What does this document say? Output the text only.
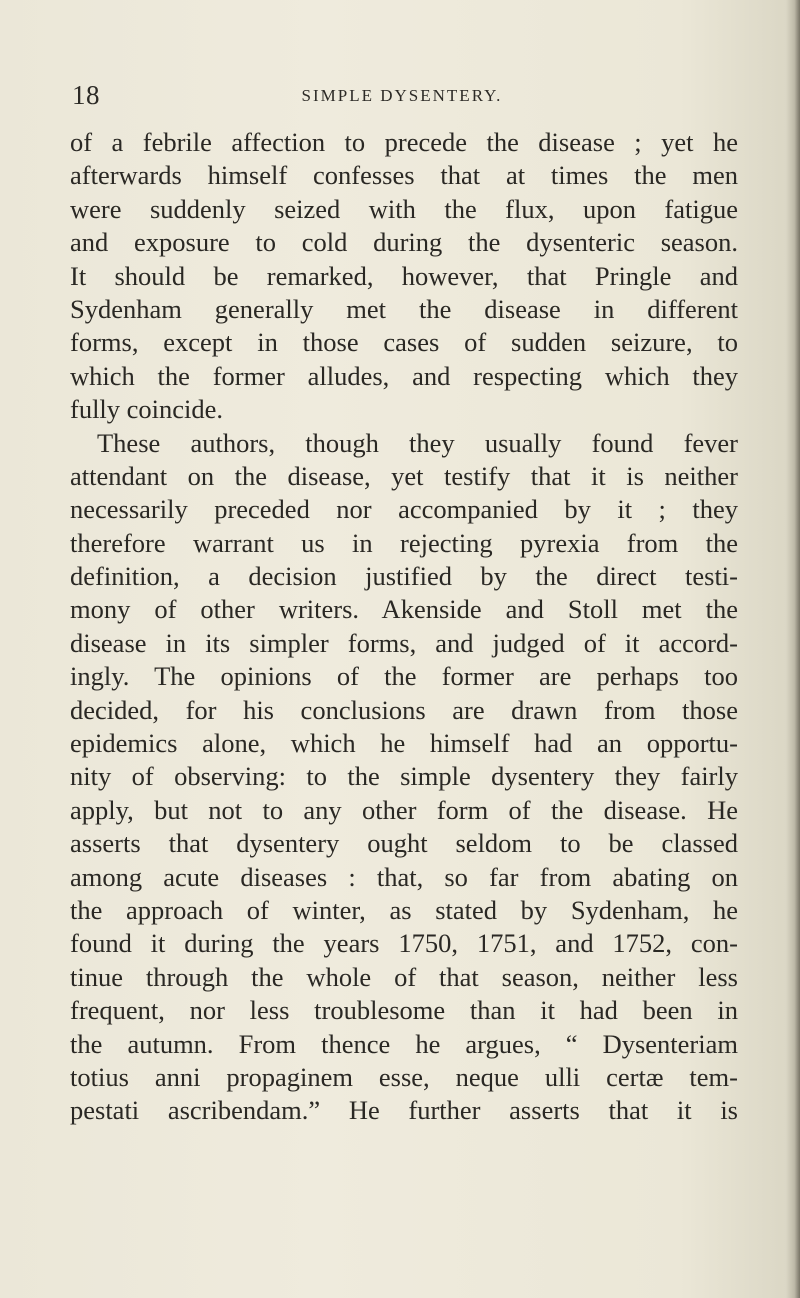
18	SIMPLE DYSENTERY.
of a febrile affection to precede the disease ; yet he
afterwards himself confesses that at times the men
were suddenly seized with the flux, upon fatigue
and exposure to cold during the dysenteric season.
It should be remarked, however, that Pringle and
Sydenham generally met the disease in different
forms, except in those cases of sudden seizure, to
which the former alludes, and respecting which they
fully coincide.
These authors, though they usually found fever
attendant on the disease, yet testify that it is neither
necessarily preceded nor accompanied by it ; they
therefore warrant us in rejecting pyrexia from the
definition, a decision justified by the direct testi-
mony of other writers. Akenside and Stoll met the
disease in its simpler forms, and judged of it accord-
ingly. The opinions of the former are perhaps too
decided, for his conclusions are drawn from those
epidemics alone, which he himself had an opportu-
nity of observing: to the simple dysentery they fairly
apply, but not to any other form of the disease. He
asserts that dysentery ought seldom to be classed
among acute diseases : that, so far from abating on
the approach of winter, as stated by Sydenham, he
found it during the years 1750, 1751, and 1752, con-
tinue through the whole of that season, neither less
frequent, nor less troublesome than it had been in
the autumn. From thence he argues, “ Dysenteriam
totius anni propaginem esse, neque ulli certæ tem-
pestati ascribendam.” He further asserts that it is
